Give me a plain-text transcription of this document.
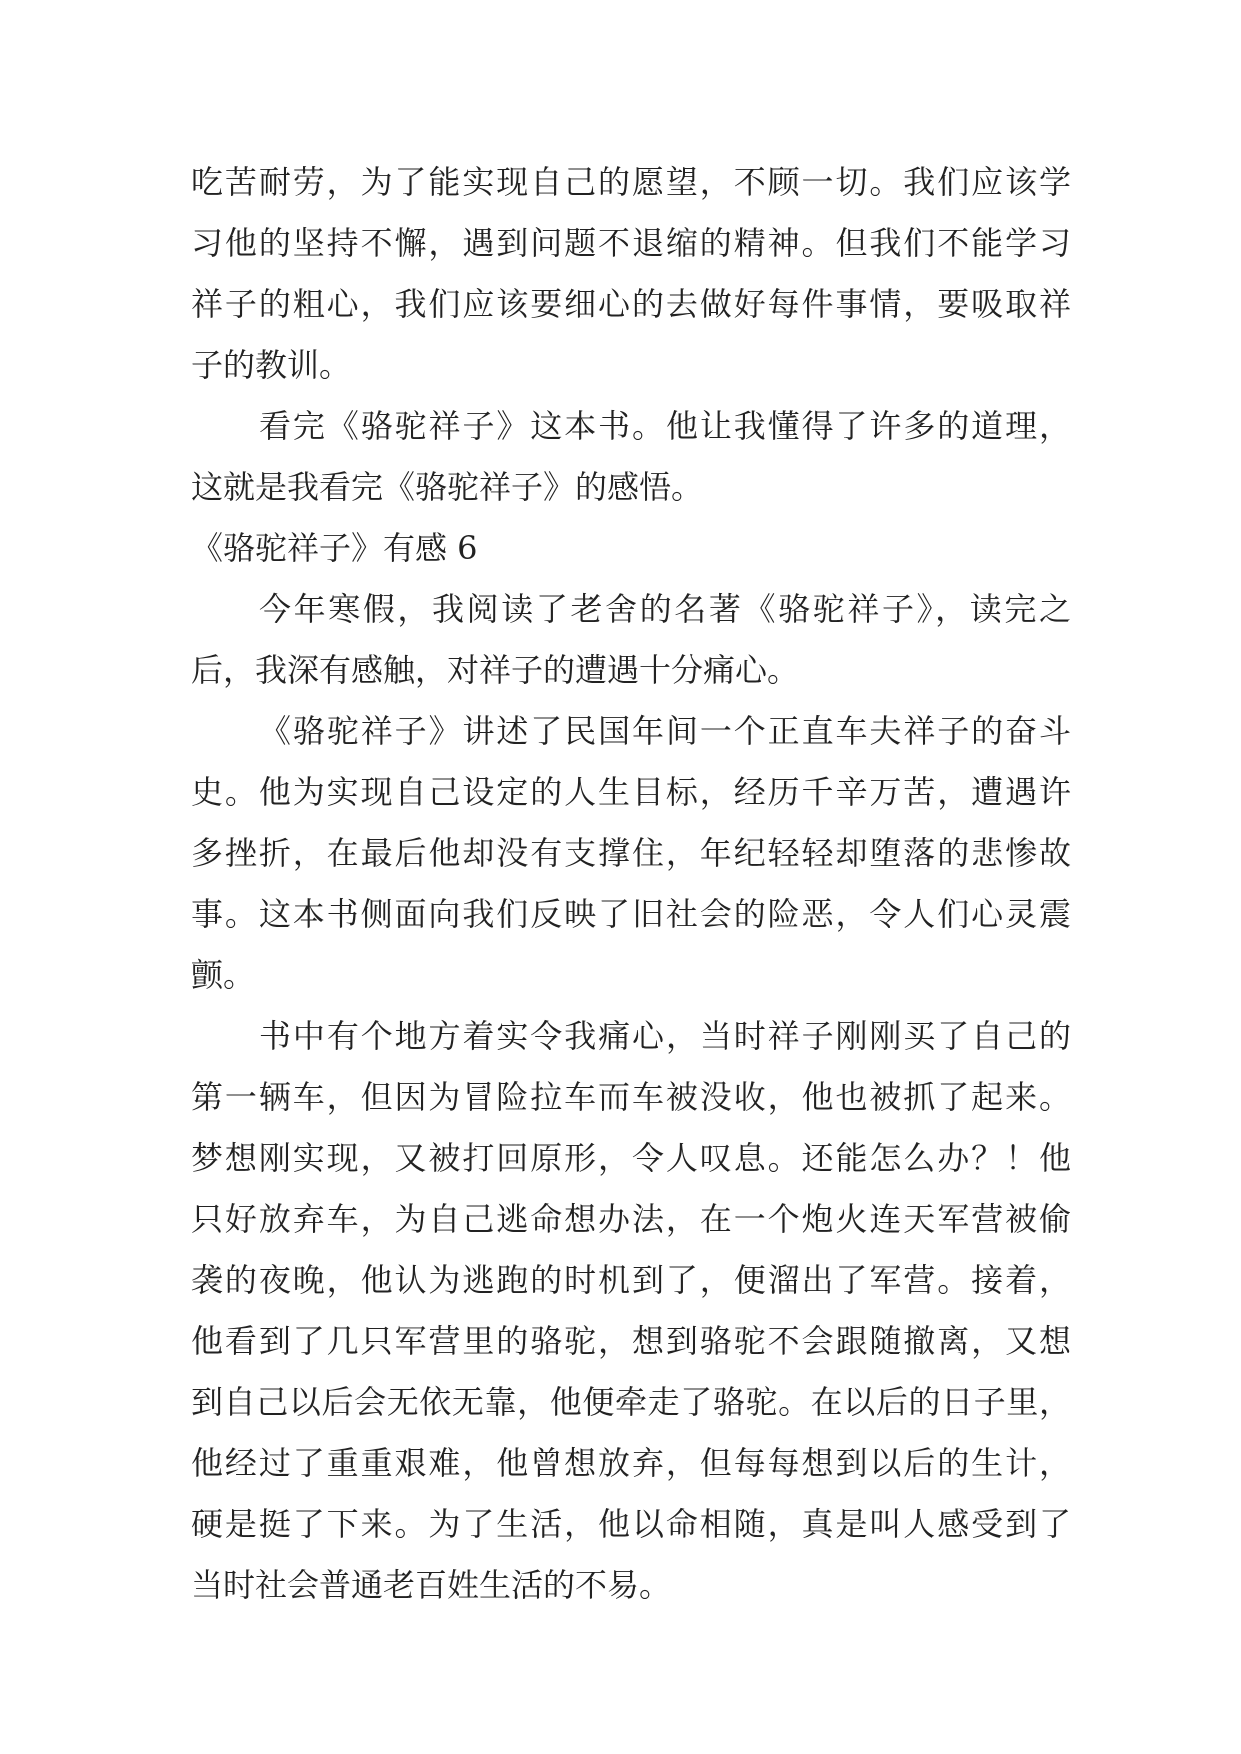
吃苦耐劳，为了能实现自己的愿望，不顾一切。我们应该学
习他的坚持不懈，遇到问题不退缩的精神。但我们不能学习
祥子的粗心，我们应该要细心的去做好每件事情，要吸取祥
子的教训。
看完《骆驼祥子》这本书。他让我懂得了许多的道理，
这就是我看完《骆驼祥子》的感悟。
《骆驼祥子》有感 6
今年寒假，我阅读了老舍的名著《骆驼祥子》，读完之
后，我深有感触，对祥子的遭遇十分痛心。
《骆驼祥子》讲述了民国年间一个正直车夫祥子的奋斗
史。他为实现自己设定的人生目标，经历千辛万苦，遭遇许
多挫折，在最后他却没有支撑住，年纪轻轻却堕落的悲惨故
事。这本书侧面向我们反映了旧社会的险恶，令人们心灵震
颤。
书中有个地方着实令我痛心，当时祥子刚刚买了自己的
第一辆车，但因为冒险拉车而车被没收，他也被抓了起来。
梦想刚实现，又被打回原形，令人叹息。还能怎么办？！他
只好放弃车，为自己逃命想办法，在一个炮火连天军营被偷
袭的夜晚，他认为逃跑的时机到了，便溜出了军营。接着，
他看到了几只军营里的骆驼，想到骆驼不会跟随撤离，又想
到自己以后会无依无靠，他便牵走了骆驼。在以后的日子里，
他经过了重重艰难，他曾想放弃，但每每想到以后的生计，
硬是挺了下来。为了生活，他以命相随，真是叫人感受到了
当时社会普通老百姓生活的不易。
